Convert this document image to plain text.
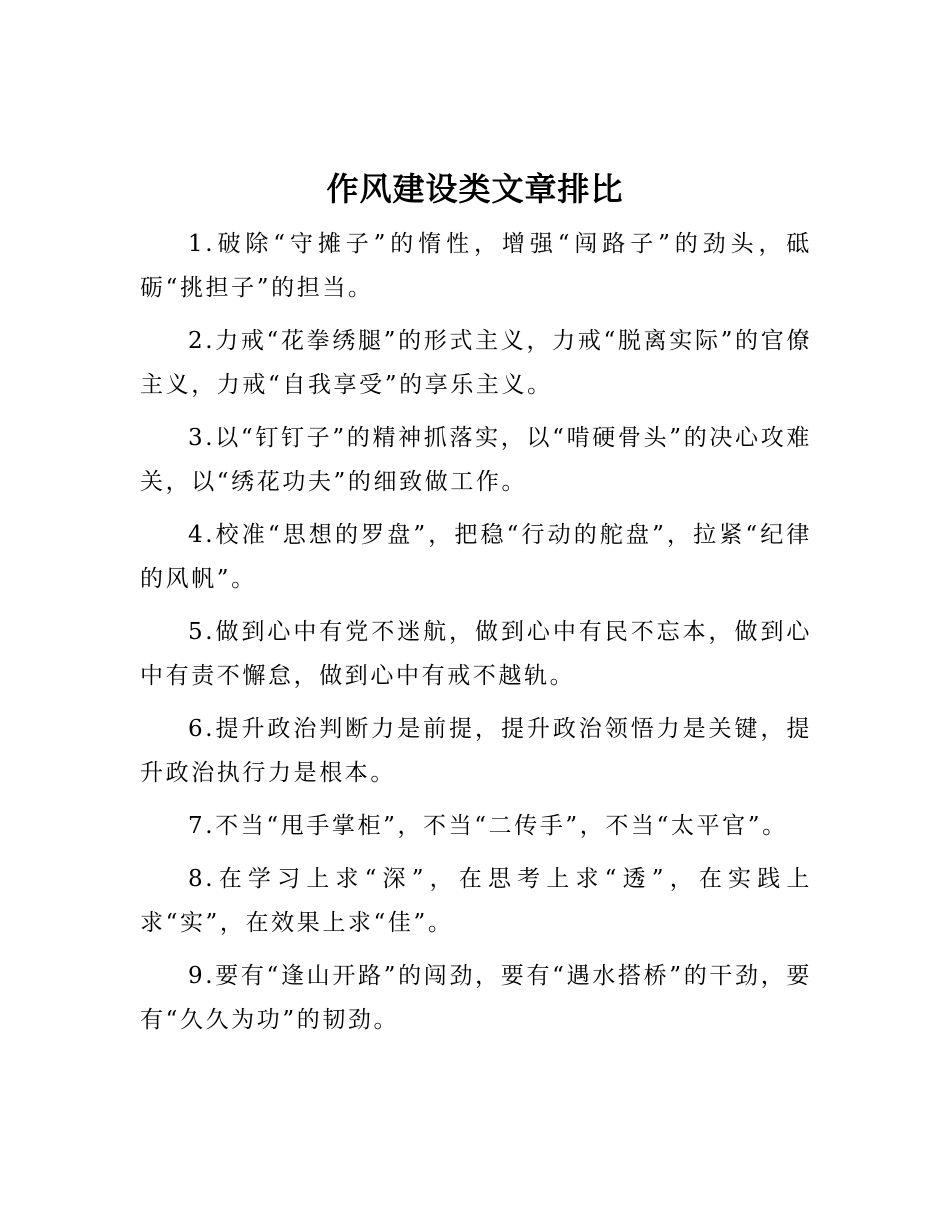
作风建设类文章排比

1.破除“守摊子”的惰性，增强“闯路子”的劲头，砥砺“挑担子”的担当。

2.力戒“花拳绣腿”的形式主义，力戒“脱离实际”的官僚主义，力戒“自我享受”的享乐主义。

3.以“钉钉子”的精神抓落实，以“啃硬骨头”的决心攻难关，以“绣花功夫”的细致做工作。

4.校准“思想的罗盘”，把稳“行动的舵盘”，拉紧“纪律的风帆”。

5.做到心中有党不迷航，做到心中有民不忘本，做到心中有责不懈怠，做到心中有戒不越轨。

6.提升政治判断力是前提，提升政治领悟力是关键，提升政治执行力是根本。

7.不当“甩手掌柜”，不当“二传手”，不当“太平官”。

8.在学习上求“深”，在思考上求“透”，在实践上求“实”，在效果上求“佳”。

9.要有“逢山开路”的闯劲，要有“遇水搭桥”的干劲，要有“久久为功”的韧劲。
